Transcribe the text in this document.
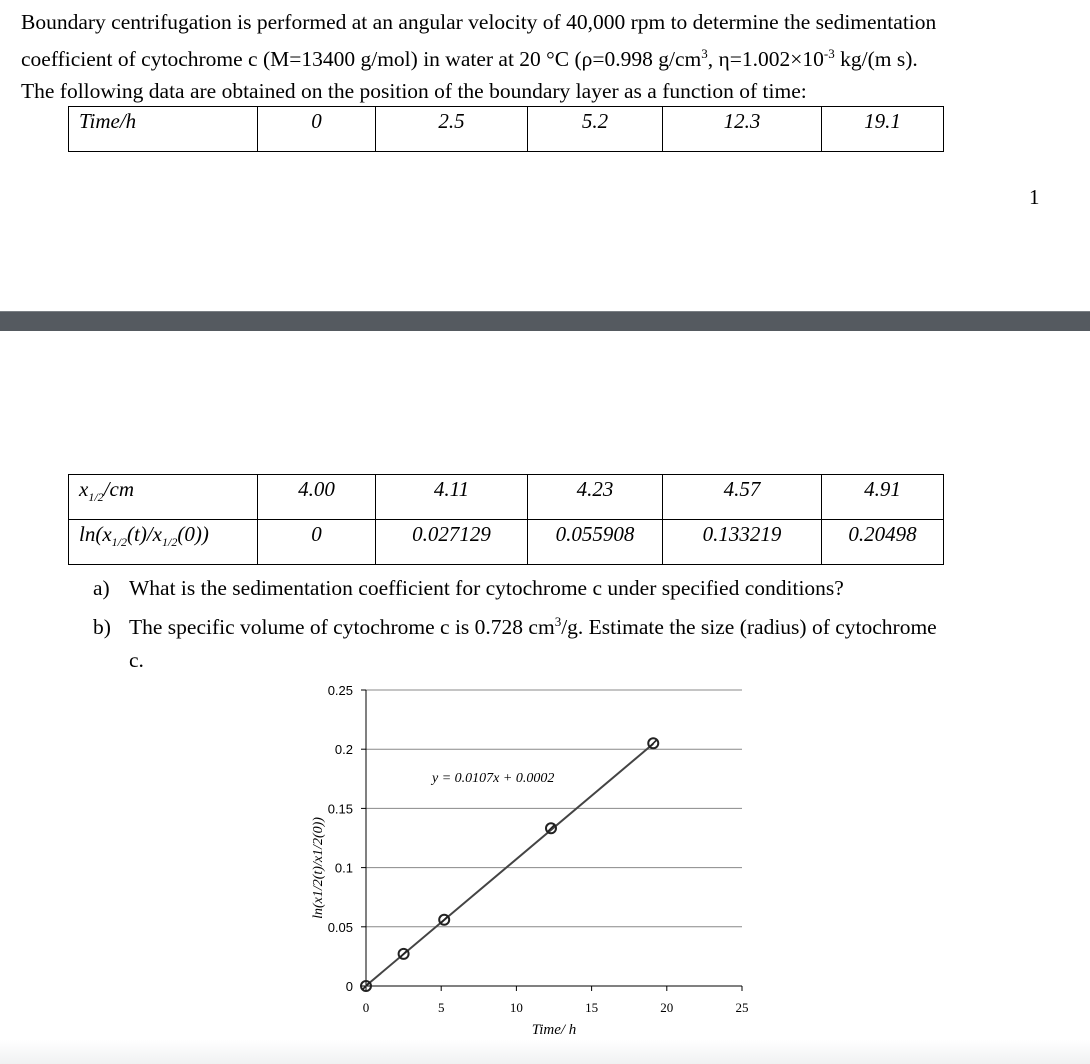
Boundary centrifugation is performed at an angular velocity of 40,000 rpm to determine the sedimentation
coefficient of cytochrome c (M=13400 g/mol) in water at 20 °C (ρ=0.998 $g/cm^3$, $\eta=1.002\times 10^{-3}$ kg/(m s).
The following data are obtained on the position of the boundary layer as a function of time:
Time/h	0	2.5	5.2	12.3	19.1
1
$x_{1/2}/cm$	4.00	4.11	4.23	4.57	4.91

$\ln(x_{1/2}(t)/x_{1/2}(0))$	0	0.027129	0.055908	0.133219	0.20498
a) What is the sedimentation coefficient for cytochrome c under specified conditions?
b) The specific volume of cytochrome c is 0.728 $cm^3/g$. Estimate the size (radius) of cytochrome
c.
0
0.05
0.1
0.15
0.2
0.25
0	5	10	15	20	25
y = 0.0107x + 0.0002
Time/ h
ln(x1/2(t)/x1/2(0))
